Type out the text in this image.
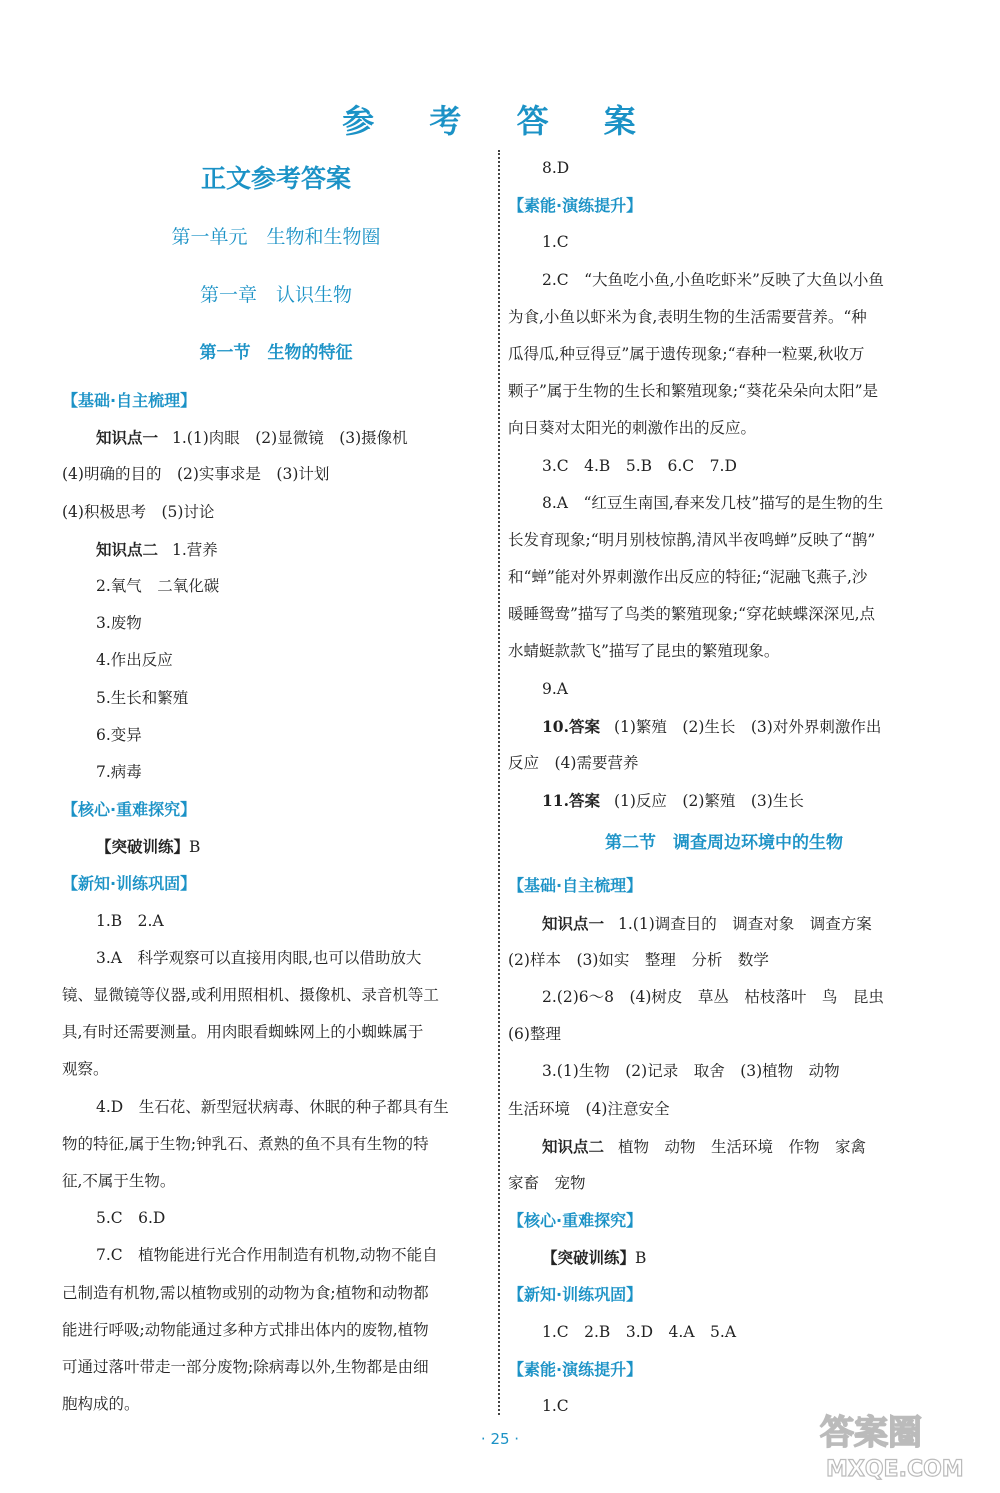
参 考 答 案
正文参考答案
第一单元　生物和生物圈
第一章　认识生物
第一节　生物的特征
【基础·自主梳理】
知识点一 1.(1)肉眼　(2)显微镜　(3)摄像机
(4)明确的目的　(2)实事求是　(3)计划
(4)积极思考　(5)讨论
知识点二 1.营养
2.氧气　二氧化碳
3.废物
4.作出反应
5.生长和繁殖
6.变异
7.病毒
【核心·重难探究】
【突破训练】B
【新知·训练巩固】
1.B　2.A
3.A　科学观察可以直接用肉眼,也可以借助放大
镜、显微镜等仪器,或利用照相机、摄像机、录音机等工
具,有时还需要测量。用肉眼看蜘蛛网上的小蜘蛛属于
观察。
4.D　生石花、新型冠状病毒、休眠的种子都具有生
物的特征,属于生物;钟乳石、煮熟的鱼不具有生物的特
征,不属于生物。
5.C　6.D
7.C　植物能进行光合作用制造有机物,动物不能自
己制造有机物,需以植物或别的动物为食;植物和动物都
能进行呼吸;动物能通过多种方式排出体内的废物,植物
可通过落叶带走一部分废物;除病毒以外,生物都是由细
胞构成的。
8.D
【素能·演练提升】
1.C
2.C　“大鱼吃小鱼,小鱼吃虾米”反映了大鱼以小鱼
为食,小鱼以虾米为食,表明生物的生活需要营养。“种
瓜得瓜,种豆得豆”属于遗传现象;“春种一粒粟,秋收万
颗子”属于生物的生长和繁殖现象;“葵花朵朵向太阳”是
向日葵对太阳光的刺激作出的反应。
3.C　4.B　5.B　6.C　7.D
8.A　“红豆生南国,春来发几枝”描写的是生物的生
长发育现象;“明月别枝惊鹊,清风半夜鸣蝉”反映了“鹊”
和“蝉”能对外界刺激作出反应的特征;“泥融飞燕子,沙
暖睡鸳鸯”描写了鸟类的繁殖现象;“穿花蛱蝶深深见,点
水蜻蜓款款飞”描写了昆虫的繁殖现象。
9.A
10.答案 (1)繁殖　(2)生长　(3)对外界刺激作出
反应　(4)需要营养
11.答案 (1)反应　(2)繁殖　(3)生长
第二节　调查周边环境中的生物
【基础·自主梳理】
知识点一 1.(1)调查目的　调查对象　调查方案
(2)样本　(3)如实　整理　分析　数学
2.(2)6～8　(4)树皮　草丛　枯枝落叶　鸟　昆虫
(6)整理
3.(1)生物　(2)记录　取舍　(3)植物　动物
生活环境　(4)注意安全
知识点二 植物　动物　生活环境　作物　家禽
家畜　宠物
【核心·重难探究】
【突破训练】B
【新知·训练巩固】
1.C　2.B　3.D　4.A　5.A
【素能·演练提升】
1.C
· 25 ·	答案圈
MXQE.COM
